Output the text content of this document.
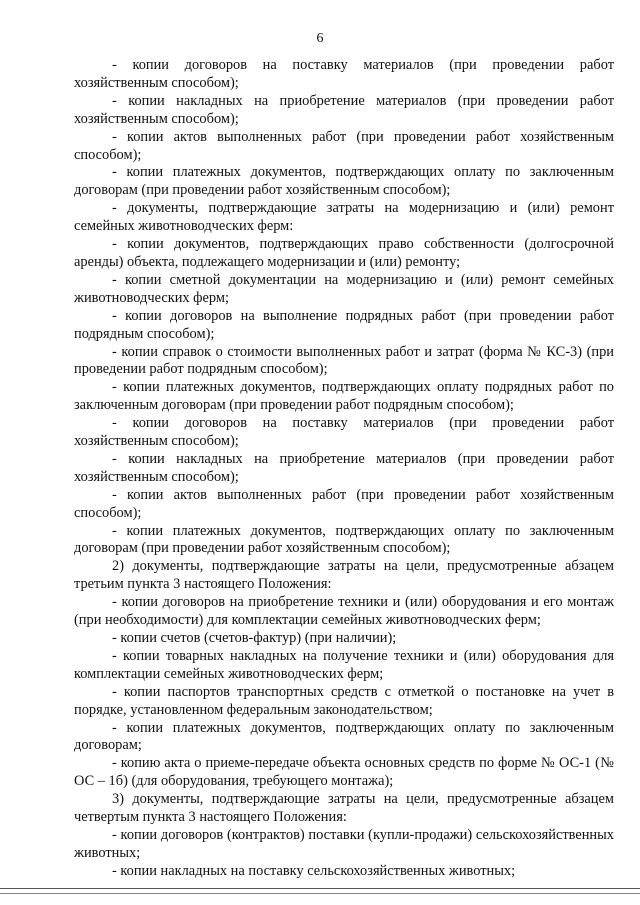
6

- копии договоров на поставку материалов (при проведении работ хозяйственным способом);

- копии накладных на приобретение материалов (при проведении работ хозяйственным способом);

- копии актов выполненных работ (при проведении работ хозяйственным способом);

- копии платежных документов, подтверждающих оплату по заключенным договорам (при проведении работ хозяйственным способом);

- документы, подтверждающие затраты на модернизацию и (или) ремонт семейных животноводческих ферм:

- копии документов, подтверждающих право собственности (долгосрочной аренды) объекта, подлежащего модернизации и (или) ремонту;

- копии сметной документации на модернизацию и (или) ремонт семейных животноводческих ферм;

- копии договоров на выполнение подрядных работ (при проведении работ подрядным способом);

- копии справок о стоимости выполненных работ и затрат (форма № КС-3) (при проведении работ подрядным способом);

- копии платежных документов, подтверждающих оплату подрядных работ по заключенным договорам (при проведении работ подрядным способом);

- копии договоров на поставку материалов (при проведении работ хозяйственным способом);

- копии накладных на приобретение материалов (при проведении работ хозяйственным способом);

- копии актов выполненных работ (при проведении работ хозяйственным способом);

- копии платежных документов, подтверждающих оплату по заключенным договорам (при проведении работ хозяйственным способом);

2) документы, подтверждающие затраты на цели, предусмотренные абзацем третьим пункта 3 настоящего Положения:

- копии договоров на приобретение техники и (или) оборудования и его монтаж (при необходимости) для комплектации семейных животноводческих ферм;

- копии счетов (счетов-фактур) (при наличии);

- копии товарных накладных на получение техники и (или) оборудования для комплектации семейных животноводческих ферм;

- копии паспортов транспортных средств с отметкой о постановке на учет в порядке, установленном федеральным законодательством;

- копии платежных документов, подтверждающих оплату по заключенным договорам;

- копию акта о приеме-передаче объекта основных средств по форме № ОС-1 (№ ОС – 1б) (для оборудования, требующего монтажа);

3) документы, подтверждающие затраты на цели, предусмотренные абзацем четвертым пункта 3 настоящего Положения:

- копии договоров (контрактов) поставки (купли-продажи) сельскохозяйственных животных;

- копии накладных на поставку сельскохозяйственных животных;
